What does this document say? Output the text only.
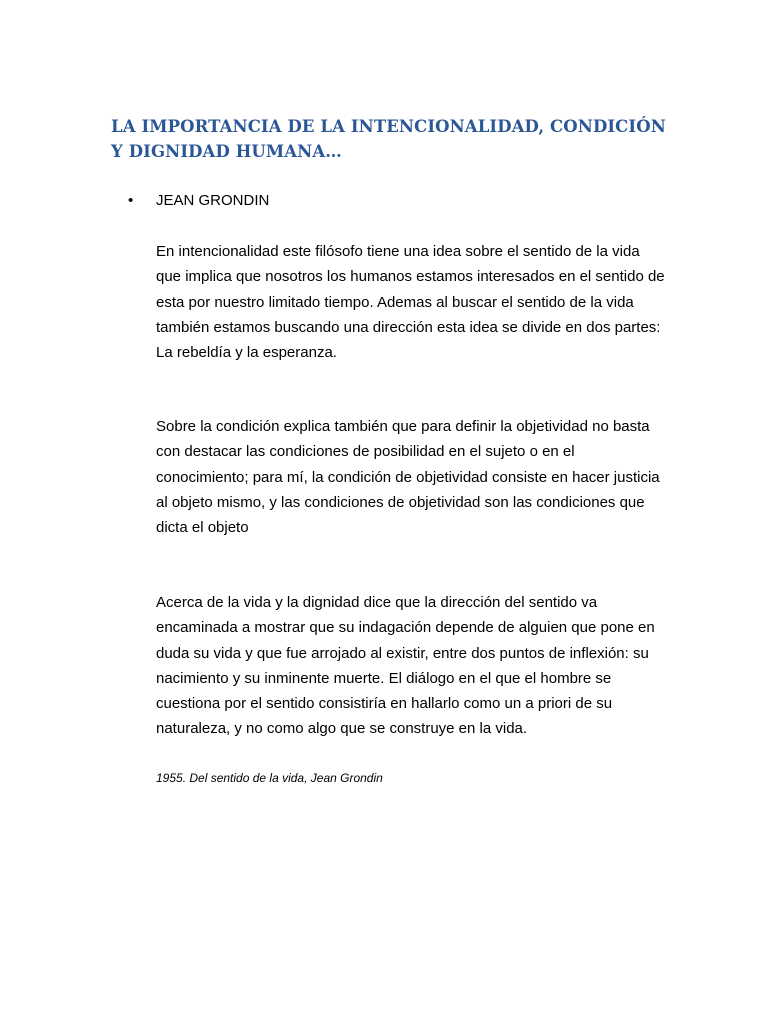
LA IMPORTANCIA DE LA INTENCIONALIDAD, CONDICIÓN Y DIGNIDAD HUMANA…
•	JEAN GRONDIN

En intencionalidad este filósofo tiene una idea sobre el sentido de la vida que implica que nosotros los humanos estamos interesados en el sentido de esta por nuestro limitado tiempo. Ademas al buscar el sentido de la vida también estamos buscando una dirección esta idea se divide en dos partes: La rebeldía y la esperanza.

Sobre la condición explica también que para definir la objetividad no basta con destacar las condiciones de posibilidad en el sujeto o en el conocimiento; para mí, la condición de objetividad consiste en hacer justicia al objeto mismo, y las condiciones de objetividad son las condiciones que dicta el objeto

Acerca de la vida y la dignidad dice que la dirección del sentido va encaminada a mostrar que su indagación depende de alguien que pone en duda su vida y que fue arrojado al existir, entre dos puntos de inflexión: su nacimiento y su inminente muerte. El diálogo en el que el hombre se cuestiona por el sentido consistiría en hallarlo como un a priori de su naturaleza, y no como algo que se construye en la vida.

1955. Del sentido de la vida, Jean Grondin
